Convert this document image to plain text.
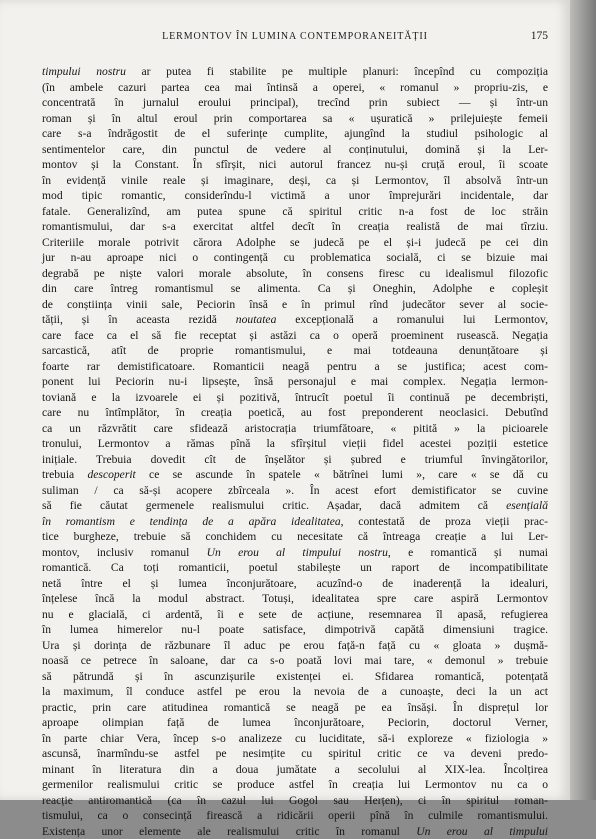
LERMONTOV ÎN LUMINA CONTEMPORANEITĂȚII	175
timpului nostru ar putea fi stabilite pe multiple planuri: începînd cu compoziția
(în ambele cazuri partea cea mai întinsă a operei, « romanul » propriu-zis, e
concentrată în jurnalul eroului principal), trecînd prin subiect — și într-un
roman și în altul eroul prin comportarea sa « ușuratică » prilejuiește femeii
care s-a îndrăgostit de el suferințe cumplite, ajungînd la studiul psihologic al
sentimentelor care, din punctul de vedere al conținutului, domină și la Ler-
montov și la Constant. În sfîrșit, nici autorul francez nu-și cruță eroul, îi scoate
în evidență vinile reale și imaginare, deși, ca și Lermontov, îl absolvă într-un
mod tipic romantic, considerîndu-l victimă a unor împrejurări incidentale, dar
fatale. Generalizînd, am putea spune că spiritul critic n-a fost de loc străin
romantismului, dar s-a exercitat altfel decît în creația realistă de mai tîrziu.
Criteriile morale potrivit cărora Adolphe se judecă pe el și-i judecă pe cei din
jur n-au aproape nici o contingență cu problematica socială, ci se bizuie mai
degrabă pe niște valori morale absolute, în consens firesc cu idealismul filozofic
din care întreg romantismul se alimenta. Ca și Oneghin, Adolphe e copleșit
de conștiința vinii sale, Peciorin însă e în primul rînd judecător sever al socie-
tății, și în aceasta rezidă noutatea excepțională a romanului lui Lermontov,
care face ca el să fie receptat și astăzi ca o operă proeminent rusească. Negația
sarcastică, atît de proprie romantismului, e mai totdeauna denunțătoare și
foarte rar demistificatoare. Romanticii neagă pentru a se justifica; acest com-
ponent lui Peciorin nu-i lipsește, însă personajul e mai complex. Negația lermon-
toviană e la izvoarele ei și pozitivă, întrucît poetul îi continuă pe decembriști,
care nu întîmplător, în creația poetică, au fost preponderent neoclasici. Debutînd
ca un răzvrătit care sfidează aristocrația triumfătoare, « pitită » la picioarele
tronului, Lermontov a rămas pînă la sfîrșitul vieții fidel acestei poziții estetice
inițiale. Trebuia dovedit cît de înșelător și șubred e triumful învingătorilor,
trebuia descoperit ce se ascunde în spatele « bătrînei lumi », care « se dă cu
suliman / ca să-și acopere zbîrceala ». În acest efort demistificator se cuvine
să fie căutat germenele realismului critic. Așadar, dacă admitem că esențială
în romantism e tendința de a apăra idealitatea, contestată de proza vieții prac-
tice burgheze, trebuie să conchidem cu necesitate că întreaga creație a lui Ler-
montov, inclusiv romanul Un erou al timpului nostru, e romantică și numai
romantică. Ca toți romanticii, poetul stabilește un raport de incompatibilitate
netă între el și lumea înconjurătoare, acuzînd-o de inaderență la idealuri,
înțelese încă la modul abstract. Totuși, idealitatea spre care aspiră Lermontov
nu e glacială, ci ardentă, îi e sete de acțiune, resemnarea îl apasă, refugierea
în lumea himerelor nu-l poate satisface, dimpotrivă capătă dimensiuni tragice.
Ura și dorința de răzbunare îl aduc pe erou față-n față cu « gloata » dușmă-
noasă ce petrece în saloane, dar ca s-o poată lovi mai tare, « demonul » trebuie
să pătrundă și în ascunzișurile existenței ei. Sfidarea romantică, potențată
la maximum, îl conduce astfel pe erou la nevoia de a cunoaște, deci la un act
practic, prin care atitudinea romantică se neagă pe ea însăși. În disprețul lor
aproape olimpian față de lumea înconjurătoare, Peciorin, doctorul Verner,
în parte chiar Vera, încep s-o analizeze cu luciditate, să-i exploreze « fiziologia »
ascunsă, înarmîndu-se astfel pe nesimțite cu spiritul critic ce va deveni predo-
minant în literatura din a doua jumătate a secolului al XIX-lea. Încolțirea
germenilor realismului critic se produce astfel în creația lui Lermontov nu ca o
reacție antiromantică (ca în cazul lui Gogol sau Herțen), ci în spiritul roman-
tismului, ca o consecință firească a ridicării operii pînă în culmile romantismului.
Existența unor elemente ale realismului critic în romanul Un erou al timpului
